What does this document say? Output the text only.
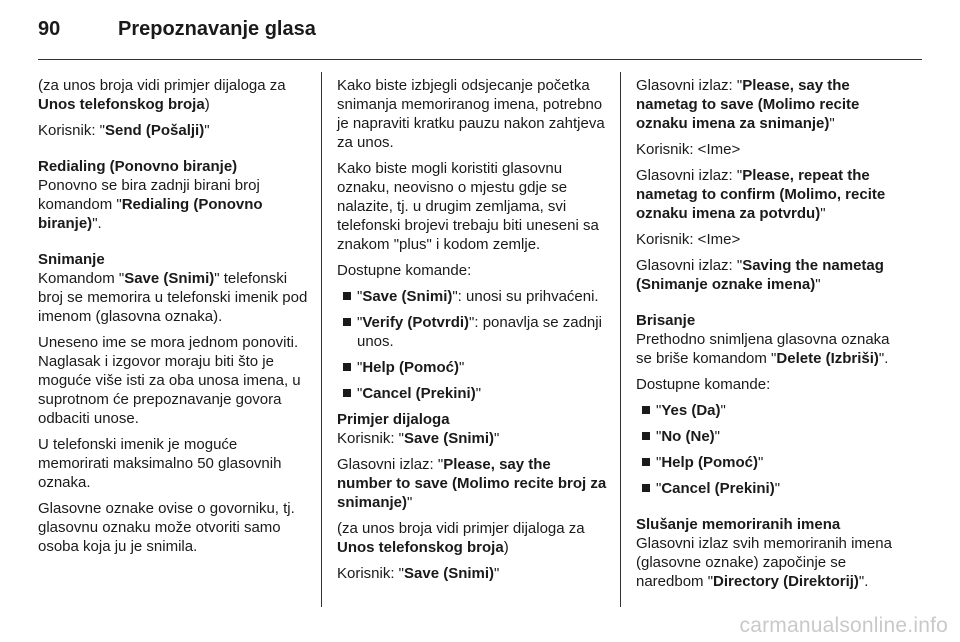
90	Prepoznavanje glasa

(za unos broja vidi primjer dijaloga za Unos telefonskog broja)

Korisnik: "Send (Pošalji)"

Redialing (Ponovno biranje)

Ponovno se bira zadnji birani broj komandom "Redialing (Ponovno biranje)".

Snimanje

Komandom "Save (Snimi)" telefonski broj se memorira u telefonski imenik pod imenom (glasovna oznaka).

Uneseno ime se mora jednom ponoviti. Naglasak i izgovor moraju biti što je moguće više isti za oba unosa imena, u suprotnom će prepoznavanje govora odbaciti unose.

U telefonski imenik je moguće memorirati maksimalno 50 glasovnih oznaka.

Glasovne oznake ovise o govorniku, tj. glasovnu oznaku može otvoriti samo osoba koja ju je snimila.

Kako biste izbjegli odsjecanje početka snimanja memoriranog imena, potrebno je napraviti kratku pauzu nakon zahtjeva za unos.

Kako biste mogli koristiti glasovnu oznaku, neovisno o mjestu gdje se nalazite, tj. u drugim zemljama, svi telefonski brojevi trebaju biti uneseni sa znakom "plus" i kodom zemlje.

Dostupne komande:

"Save (Snimi)": unosi su prihvaćeni.
"Verify (Potvrdi)": ponavlja se zadnji unos.
"Help (Pomoć)"
"Cancel (Prekini)"
Primjer dijaloga

Korisnik: "Save (Snimi)"

Glasovni izlaz: "Please, say the number to save (Molimo recite broj za snimanje)"

(za unos broja vidi primjer dijaloga za Unos telefonskog broja)

Korisnik: "Save (Snimi)"

Glasovni izlaz: "Please, say the nametag to save (Molimo recite oznaku imena za snimanje)"

Korisnik: <Ime>

Glasovni izlaz: "Please, repeat the nametag to confirm (Molimo, recite oznaku imena za potvrdu)"

Korisnik: <Ime>

Glasovni izlaz: "Saving the nametag (Snimanje oznake imena)"

Brisanje

Prethodno snimljena glasovna oznaka se briše komandom "Delete (Izbriši)".

Dostupne komande:

"Yes (Da)"
"No (Ne)"
"Help (Pomoć)"
"Cancel (Prekini)"
Slušanje memoriranih imena

Glasovni izlaz svih memoriranih imena (glasovne oznake) započinje se naredbom "Directory (Direktorij)".

carmanualsonline.info
